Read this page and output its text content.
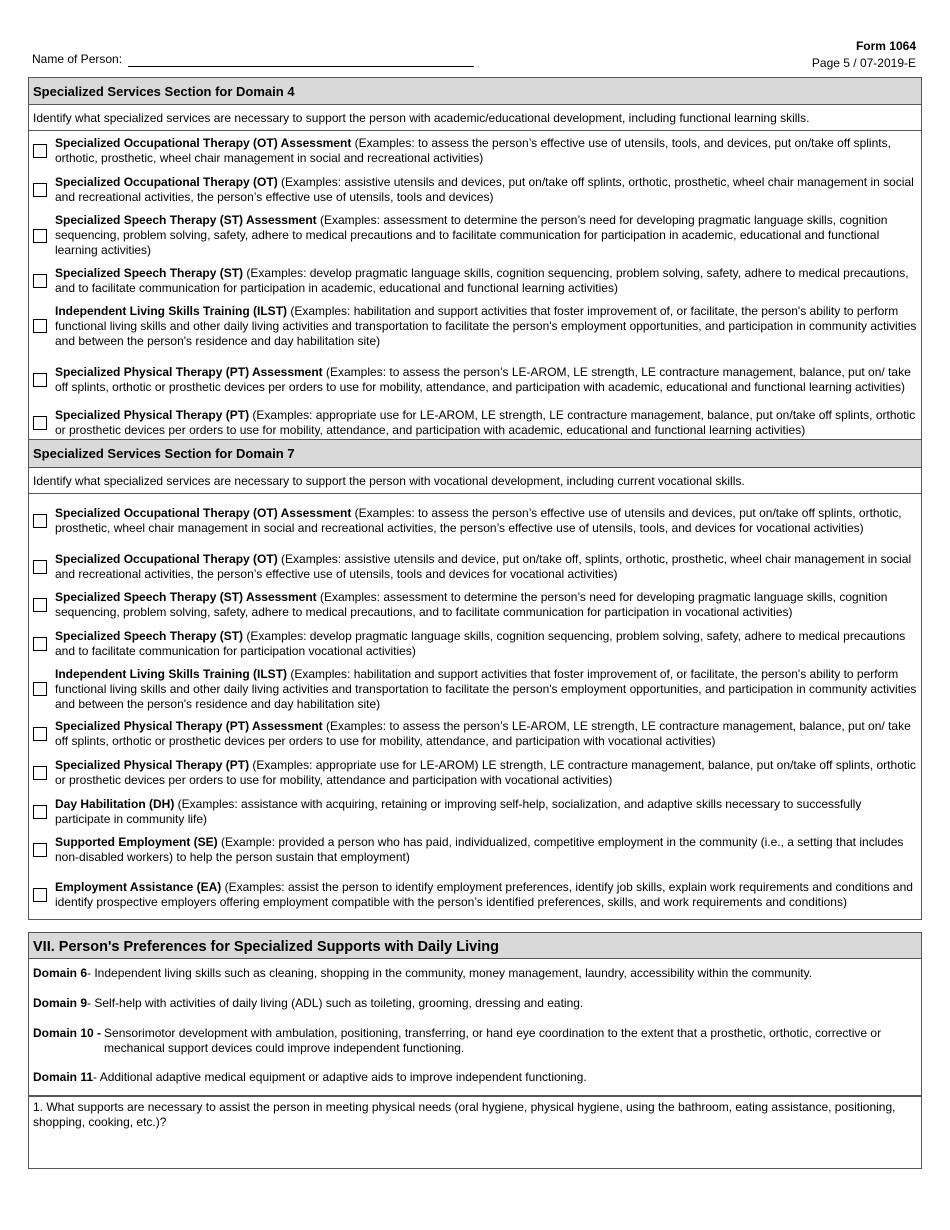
Name of Person:
Form 1064
Page 5 / 07-2019-E
Specialized Services Section for Domain 4
Identify what specialized services are necessary to support the person with academic/educational development, including functional learning skills.
Specialized Occupational Therapy (OT) Assessment (Examples: to assess the person’s effective use of utensils, tools, and devices, put on/take off splints, orthotic, prosthetic, wheel chair management in social and recreational activities)
Specialized Occupational Therapy (OT) (Examples: assistive utensils and devices, put on/take off splints, orthotic, prosthetic, wheel chair management in social and recreational activities, the person’s effective use of utensils, tools and devices)
Specialized Speech Therapy (ST) Assessment (Examples: assessment to determine the person’s need for developing pragmatic language skills, cognition sequencing, problem solving, safety, adhere to medical precautions and to facilitate communication for participation in academic, educational and functional learning activities)
Specialized Speech Therapy (ST) (Examples: develop pragmatic language skills, cognition sequencing, problem solving, safety, adhere to medical precautions, and to facilitate communication for participation in academic, educational and functional learning activities)
Independent Living Skills Training (ILST) (Examples: habilitation and support activities that foster improvement of, or facilitate, the person's ability to perform functional living skills and other daily living activities and transportation to facilitate the person's employment opportunities, and participation in community activities and between the person's residence and day habilitation site)
Specialized Physical Therapy (PT) Assessment (Examples: to assess the person’s LE-AROM, LE strength, LE contracture management, balance, put on/ take off splints, orthotic or prosthetic devices per orders to use for mobility, attendance, and participation with academic, educational and functional learning activities)
Specialized Physical Therapy (PT) (Examples: appropriate use for LE-AROM, LE strength, LE contracture management, balance, put on/take off splints, orthotic or prosthetic devices per orders to use for mobility, attendance, and participation with academic, educational and functional learning activities)
Specialized Services Section for Domain 7
Identify what specialized services are necessary to support the person with vocational development, including current vocational skills.
Specialized Occupational Therapy (OT) Assessment (Examples: to assess the person’s effective use of utensils and devices, put on/take off splints, orthotic, prosthetic, wheel chair management in social and recreational activities, the person’s effective use of utensils, tools, and devices for vocational activities)
Specialized Occupational Therapy (OT) (Examples: assistive utensils and device, put on/take off, splints, orthotic, prosthetic, wheel chair management in social and recreational activities, the person’s effective use of utensils, tools and devices for vocational activities)
Specialized Speech Therapy (ST) Assessment (Examples: assessment to determine the person’s need for developing pragmatic language skills, cognition sequencing, problem solving, safety, adhere to medical precautions, and to facilitate communication for participation in vocational activities)
Specialized Speech Therapy (ST) (Examples: develop pragmatic language skills, cognition sequencing, problem solving, safety, adhere to medical precautions and to facilitate communication for participation vocational activities)
Independent Living Skills Training (ILST) (Examples: habilitation and support activities that foster improvement of, or facilitate, the person's ability to perform functional living skills and other daily living activities and transportation to facilitate the person's employment opportunities, and participation in community activities and between the person's residence and day habilitation site)
Specialized Physical Therapy (PT) Assessment (Examples: to assess the person’s LE-AROM, LE strength, LE contracture management, balance, put on/ take off splints, orthotic or prosthetic devices per orders to use for mobility, attendance, and participation with vocational activities)
Specialized Physical Therapy (PT) (Examples: appropriate use for LE-AROM) LE strength, LE contracture management, balance, put on/take off splints, orthotic or prosthetic devices per orders to use for mobility, attendance and participation with vocational activities)
Day Habilitation (DH) (Examples: assistance with acquiring, retaining or improving self-help, socialization, and adaptive skills necessary to successfully participate in community life)
Supported Employment (SE) (Example: provided a person who has paid, individualized, competitive employment in the community (i.e., a setting that includes non-disabled workers) to help the person sustain that employment)
Employment Assistance (EA) (Examples: assist the person to identify employment preferences, identify job skills, explain work requirements and conditions and identify prospective employers offering employment compatible with the person’s identified preferences, skills, and work requirements and conditions)
VII. Person's Preferences for Specialized Supports with Daily Living
Domain 6 - Independent living skills such as cleaning, shopping in the community, money management, laundry, accessibility within the community.
Domain 9 - Self-help with activities of daily living (ADL) such as toileting, grooming, dressing and eating.
Domain 10 - Sensorimotor development with ambulation, positioning, transferring, or hand eye coordination to the extent that a prosthetic, orthotic, corrective or mechanical support devices could improve independent functioning.
Domain 11 - Additional adaptive medical equipment or adaptive aids to improve independent functioning.
1. What supports are necessary to assist the person in meeting physical needs (oral hygiene, physical hygiene, using the bathroom, eating assistance, positioning, shopping, cooking, etc.)?
